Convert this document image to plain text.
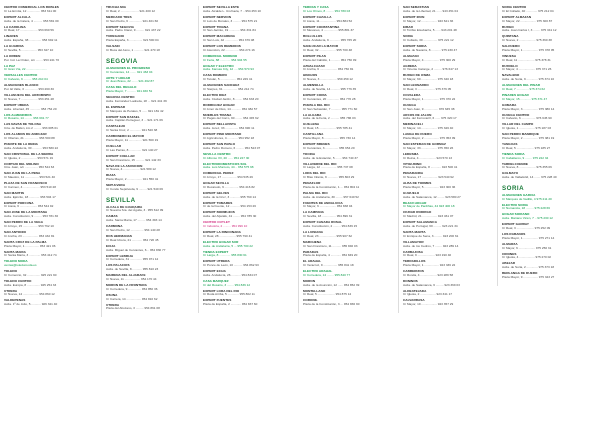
CENTRO COMERCIAL LOS ROBLES
C/ La Ermita, 12 ............... 953 611 00
EXPERT ALCALÁ
Avda. de la Calera, 4 .......... 953 581 00
LA CAROLINA
C/ Real, 17 .................... 953 660 56
LINARES
Avda. España, 38 .............. 953 692 11
LA GUARDIA
C/ Sevilla, 5 .................. 953 327 10
LA ORDEN
Pol. Ind. La Orden, s/n ........ 953 241 70
LA PAZ
C/ Gran Vía, 22 ........................
VERSALLES CENTRO
C/ Calvario, 9 ......... 953 210 04
ALMACENES BLANCO
Pol. El Valle, 3 ............... 953 260 30
VILLANUEVA DEL ARZOBISPO
C/ Nueva, 7 ................... 953 451 48
EXPERT ÚBEDA
Avda. Libertad, 45 ............ 953 754 20
LOS ALMENDROS
C/ Rosario, 14 ......... 953 691 77
LAS NAVAS DE TOLOSA
Crta. de Bailén, km 2 ......... 953 685 01
LOS ÁLAMOS DE ANDÚJAR
C/ Ollerías, 21 ................ 953 500 88
PUENTE DE LA REINA
Avda. Andalucía, 30 ........... 953 580 22
SAN CRISTÓBAL DE LA SIERRA
C/ Iglesia, 2 .................. 953 571 19
CORTIJO DEL MOLINO
Ctra. Jaén, s/n ............... 953 544 63
SAN JUAN DE LA PEÑA
C/ Maestro, 11 ................ 953 521 40
PLAZA DE SAN FRANCISCO
C/ Carmen, 4 ................... 953 510 28
SAN MARTÍN
Avda. Ejército, 18 ............ 953 504 17
EXPERT PORCUNA
C/ Llana, 6 .................... 953 544 92
SAN JOSÉ DE LA MONTAÑA
Avda. Constitución, 9 ......... 953 781 36
SAN PEDRO DE LA VEGA
C/ Arroyo, 15 ................. 953 762 10
SAN ANTONIO
C/ Ancha, 23 .................. 953 432 81
SANTA CRUZ DE LA PALMA
Plaza Mayor, 1 ................ 953 421 06
SANTA MARÍA
C/ Santa María, 3 ............. 953 412 74
TOLEDO MODA
ventas@toledomoda.es
TOLEDO
C/ Comercio, 32 ............... 925 221 90
TOLEDO CENTRO
Avda. Europa, 8 ............... 925 254 33
UTRERA
C/ Nueva, 14 .................. 954 860 12
VALDEPEÑAS
Avda. 1º de Julio, 5 ........... 926 321 40
TRUCHA MÍA
C/ Real, 2 ..................... 921 400 12
MERCADO TRÉS
C/ San Pedro, 6 ............... 921 401 60
EXPERT SEGOVIA
Avda. Padre Claret, 9 ......... 921 437 22
TURÉGANO
Plaza España, 3 ............... 921 500 04
VALSAÍN
C/ Boca del Asno, 1 ........... 921 470 18
SEGOVIA
ALMACENES EL PROGRESO
C/ Cervantes, 14 ....... 921 463 04
ARTE Y HOGAR
C/ Juan Bravo, 22 ....... 921 462 87
CASA DEL REGALO
Plaza Mayor, 7 .......... 921 460 51
SEGOVIA CENTRO
Avda. Fernández Ladreda, 18 ... 921 441 39
EL ESPINAR
C/ Marqués de Perales, 5 ...... 921 181 42
EXPERT SAN RAFAEL
Avda. Capitán Perteguer, 3 ... 921 171 06
CANTALEJO
C/ Santa Cruz, 2 ............. 921 520 38
CARBONERO EL MAYOR
Plaza Mayor, 11 ............... 921 560 19
CUÉLLAR
C/ Las Parras, 8 .............. 921 140 27
EXPERT CUÉLLAR
C/ San Francisco, 15 .......... 921 142 33
NAVA DE LA ASUNCIÓN
C/ Nueva, 4 ................... 921 580 12
RIAZA
Plaza Mayor, 2 ................. 921 550 41
SEPÚLVEDA
C/ Conde Sepúlveda, 9 ......... 921 540 06
SEVILLA
ALCALÁ DE GUADAÍRA
C/ Nuestra Sra. del Águila, 3 . 955 612 09
CAMAS
Avda. Santa María, 17 ......... 954 393 14
CARMONA
C/ San Pedro, 12 ............... 954 140 28
DOS HERMANAS
C/ Real Utrera, 21 ............ 954 720 45
ÉCIJA
Avda. Miguel de Cervantes, 6 .. 954 830 77
EXPERT LEBRIJA
C/ Corredera, 31 .............. 955 971 12
LOS PALACIOS
Avda. de Sevilla, 8 ........... 955 810 23
MAIRENA DEL ALJARAFE
C/ Nueva, 11 .................. 954 170 44
MORÓN DE LA FRONTERA
C/ Corredera, 9 ............... 954 850 36
OSUNA
C/ Carrera, 14 ................. 954 810 62
UTRERA
Plaza del Altozano, 3 ......... 954 861 08
EXPERT SEVILLA ESTE
Avda. Alcalde L. Uruñuela, 7 .. 954 253 10
EXPERT NERVIÓN
C/ Luis de Morales, 3 ......... 954 575 21
EXPERT TRIANA
C/ San Jacinto, 19 ............ 954 331 84
EXPERT MACARENA
C/ San Luis, 42 ............... 954 376 08
EXPERT LOS REMEDIOS
C/ Asunción, 22 ............... 954 274 16
COMERCIAL MORENO
C/ Feria, 88 ............ 954 904 55
HOGAR Y ELECTRO
Avda. Kansas City, 12 .... 954 570 93
CASA ROMERO
C/ Tetuán, 5 .................. 954 229 41
ALMACENES SÁNCHEZ
C/ Sierpes, 61 ................ 954 212 74
ELECTRO DIEZ
Avda. Ciudad Jardín, 8 ........ 954 633 20
RODRÍGUEZ HOGAR
C/ Amor de Dios, 14 ........... 954 382 57
MUEBLES TRIANA
C/ Pagés del Corro, 90 ........ 954 345 62
EXPERT BELLAVISTA
Avda. Jerez, 33 ............... 954 690 11
EXPERT PINO MONTANO
C/ Agricultores, 4 ............ 954 952 18
EXPERT SAN PABLO
Avda. Pedro Romero, 6 ......... 954 523 07
SEVILLA CENTRO
C/ Alfonso XII, 20 ...... 954 227 30
ELECTRODOMÉSTICOS SOL
Avda. Luis Montoto, 44 .. 954 575 68
COMERCIAL PÉREZ
C/ Arroyo, 17 ................. 954 535 49
HOGAR SEVILLA
C/ Recaredo, 9 ................ 954 416 82
EXPERT GELVES
Avda. de la Cruz, 3 ........... 955 760 14
EXPERT TOMARES
C/ de la Fuente, 12 ........... 954 153 26
EXPERT BORMUJOS
Avda. del Aljarafe, 41 ........ 954 785 30
CENTRO OUTLET
C/ Industria, 2 ......... 954 999 10
EXPERT LA RINCONADA
C/ Real, 28 ................... 955 790 41
ELECTRO HOGAR SUR
Avda. de Andalucía, 5 ... 955 700 22
TIENDA EXPERT
C/ Larga, 8 ............. 955 830 61
EXPERT UTRERA
C/ Ponce de León, 10 .......... 954 862 93
EXPERT ÉCIJA
Avda. Andalucía, 26 ........... 954 834 07
CASA MÁRQUEZ
C/ del Rosario, 3 ........ 954 836 12
EXPERT LORA DEL RÍO
C/ Roda Arriba, 5 ............. 955 802 11
EXPERT FUENTES
Plaza de España, 2 ............ 954 837 60
TERRAS Y CASA
C/ Los Olmos, 8 ......... 954 780 03
EXPERT CAZALLA
C/ Llana, 11 .................. 954 884 52
EXPERT CONSTANTINA
C/ Mesones, 4 ................ 955 881 37
BOLLULLOS
Avda. Andalucía, 9 ............ 955 765 20
SANLÚCAR LA MAYOR
C/ Real, 32 ................... 955 700 48
EXPERT PILAS
Plaza del Cabildo, 1 .......... 954 750 09
AZNALCÁZAR
C/ Ancha, 6 .................... 954 750 81
HINOJOS
C/ Nueva, 3 ................... 959 459 12
ALMENSILLA
Avda. de Sevilla, 14 .......... 955 776 35
EXPERT CORIA
C/ Cervantes, 20 .............. 954 770 28
PUEBLA DEL RÍO
C/ San Sebastián, 7 ........... 955 771 60
LA ALGABA
Avda. de la Feria, 2 .......... 955 786 03
GUILLENA
C/ Real, 15 ................... 955 785 41
CANTILLANA
Plaza Mayor, 8 ................. 955 730 14
EXPERT BRENES
C/ Cervantes, 3 ............... 955 654 20
TOCINA
Avda. de la Estación, 5 ....... 954 740 37
VILLAVERDE DEL RÍO
C/ Larga, 12 .................. 955 737 08
LORA DEL RÍO
C/ Blas Infante, 9 ............ 955 803 29
PEÑAFLOR
Plaza de la Constitución, 1 ... 954 804 11
PALMA DEL RÍO
Avda. de Andalucía, 30 ........ 957 640 52
FUENTES DE ANDALUCÍA
C/ Mayor, 6 ................... 954 838 04
LA CAMPANA
C/ Sevilla, 18 ................ 954 899 31
EXPERT CAÑADA ROSAL
Avda. Constitución, 2 ......... 954 839 15
LA LUISIANA
C/ Real, 23 ................... 955 907 62
MARCHENA
C/ San Francisco, 11 .......... 955 846 03
PARADAS
Plaza de España, 4 ............ 954 849 20
EL ARAHAL
C/ Veracruz, 9 ................ 955 841 18
ELECTRO ARAHAL
C/ Corredera, 14 ........ 955 840 77
MORÓN
Avda. de la Asunción, 12 ...... 954 852 39
MONTELLANO
C/ Real, 5 .................... 954 875 14
CORONIL
Plaza de la Constitución, 3 ... 954 836 90
SAN SEBASTIÁN
Avda. de la Libertad, 21 ...... 943 451 04
EXPERT IRÚN
C/ Mayor, 12 .................. 943 621 36
EIBAR
C/ Toribio Etxebarria, 5 ...... 943 201 48
SORIA
C/ Collado, 30 ................ 975 221 12
EXPERT SORIA
Avda. de Navarra, 8 ........... 975 230 47
ALMAZÁN
Plaza Mayor, 4 ................. 975 300 29
ÁGREDA
C/ Vicente Calonge, 2 ......... 976 647 13
BURGO DE OSMA
C/ Mayor, 60 .................. 975 340 18
SAN LEONARDO
C/ Real, 3 .................... 975 376 05
COVALEDA
Plaza Mayor, 1 ................. 975 370 22
ÓLVEGA
C/ San Juan, 9 ................ 976 645 38
ARCOS DE JALÓN
Avda. del Ferrocarril, 6 ...... 975 320 17
MEDINACELI
C/ Mayor, 14 .................. 975 326 40
LANGA DE DUERO
Plaza Mayor, 2 ................. 975 353 09
SAN ESTEBAN DE GORMAZ
C/ Mayor, 33 .................. 975 350 26
LEDESMA
C/ Reina, 4 ................... 923 570 13
VITIGUDINO
Plaza de España, 8 ............ 923 500 41
PEÑARANDA
C/ Nueva, 17 .................. 923 540 92
ALBA DE TORMES
Plaza Mayor, 5 ................. 923 300 36
GUIJUELO
Avda. de Salamanca, 12 ........ 923 580 27
BÉJAR HOGAR
C/ Mayor de Pardiñas, 44 923 400 18
CIUDAD RODRIGO
C/ Madrid, 21 ................. 923 461 07
EXPERT SALAMANCA
Avda. de Portugal, 60 ......... 923 221 34
SANTA MARTA
C/ Enrique de Sena, 3 ......... 923 200 61
VILLAMAYOR
Avda. de los Cedros, 7 ........ 923 289 14
CARBAJOSA
C/ Real, 9 .................... 923 190 40
TERRADILLOS
Plaza Mayor, 1 ................. 923 336 22
CABRERIZOS
C/ Ronda, 4 ................... 923 289 58
DOÑINOS
Avda. de Salamanca, 6 ......... 923 369 03
ALDEATEJADA
C/ Iglesia, 2 .................. 923 341 17
CALVARRASA
C/ Mayor, 10 .................. 923 357 29
SORIA CENTRO
C/ El Collado, 40 ............. 975 212 04
EXPERT ALMAZÁN
C/ Mayor, 22 .................. 975 300 87
BURGO
Avda. Juan Carlos I, 3 ........ 975 341 12
QUINTANA
C/ Nueva, 2 ................... 975 360 38
SALDUERO
Plaza Mayor, 1 ................. 975 378 05
VINUESA
C/ Real, 11 ................... 975 378 31
DURUELO
C/ Mayor, 4 ................... 975 371 26
NAVALENO
Avda. de Soria, 9 ............. 975 374 10
ALMACENES DEL PINAR
C/ Real, 7 .............. 975 374 62
PINARES HOGAR
C/ Mayor, 15 ............ 975 371 47
GÓMARA
Plaza Mayor, 3 ................. 975 380 14
ÓLVEGA CENTRO
C/ Calvario, 6 ................ 976 645 90
VILLAR DEL CAMPO
C/ Iglesia, 1 .................. 975 187 03
SAN PEDRO MANRIQUE
Plaza Mayor, 2 ................. 975 381 19
YANGUAS
C/ Real, 5 .................... 975 185 27
TIENDA SORIA
C/ Caballeros, 9 ........ 975 222 34
TARDELCUENDE
C/ Nueva, 8 ................... 975 355 06
GOLMAYO
Avda. de Valladolid, 14 ....... 975 228 40
SORIA
ALMACENES GARCÍA
C/ Marqués de Vadillo, 4 975 211 20
ELECTRO SORIA
C/ Numancia, 18 ......... 975 228 66
HOGAR SORIANO
Avda. Mariano Vicén, 7 .. 975 230 12
EXPERT GARRAY
C/ Real, 3 .................... 975 252 09
LOS RÁBANOS
Plaza Mayor, 1 ................. 975 271 14
ALMARZA
C/ Mayor, 6 ................... 975 250 31
CIDONES
C/ Iglesia, 4 .................. 975 270 02
ABEJAR
Avda. de Soria, 2 ............. 975 373 18
BERLANGA DE DUERO
Plaza Mayor, 9 ................. 975 343 27
